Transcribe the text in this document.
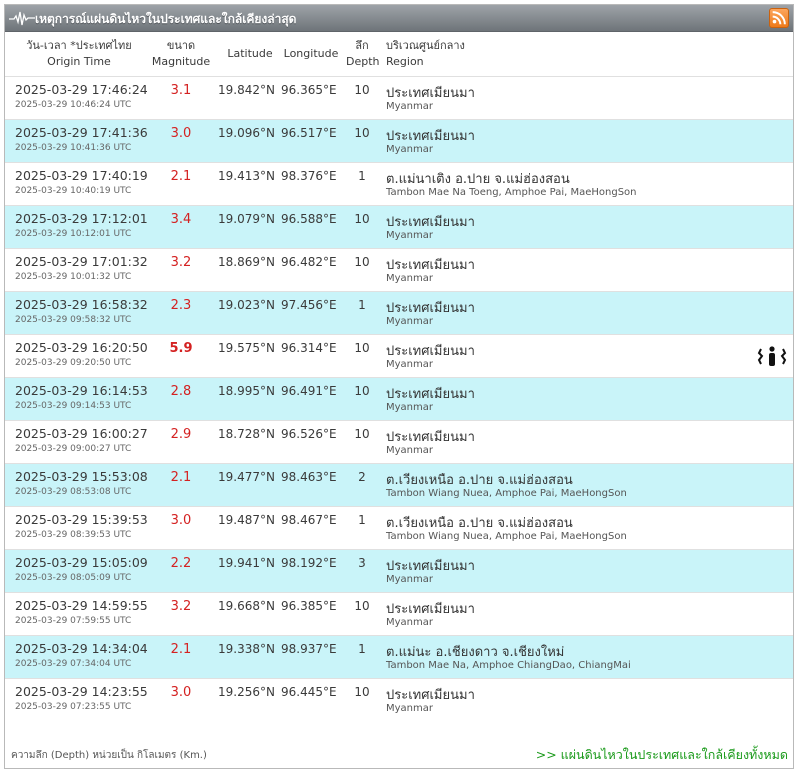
เหตุการณ์แผ่นดินไหวในประเทศและใกล้เคียงล่าสุด
วัน-เวลา *ประเทศไทย
Origin Time
ขนาด
Magnitude
Latitude	Longitude
ลึก
Depth
บริเวณศูนย์กลาง
Region
2025-03-29 17:46:24
2025-03-29 10:46:24 UTC
3.1	19.842°N 96.365°E	10	ประเทศเมียนมา
Myanmar
2025-03-29 17:41:36
2025-03-29 10:41:36 UTC
3.0	19.096°N 96.517°E	10	ประเทศเมียนมา
Myanmar
2025-03-29 17:40:19
2025-03-29 10:40:19 UTC
2.1	19.413°N 98.376°E	1	ต.แม่นาเติง อ.ปาย จ.แม่ฮ่องสอน
Tambon Mae Na Toeng, Amphoe Pai, MaeHongSon
2025-03-29 17:12:01
2025-03-29 10:12:01 UTC
3.4	19.079°N 96.588°E	10	ประเทศเมียนมา
Myanmar
2025-03-29 17:01:32
2025-03-29 10:01:32 UTC
3.2	18.869°N 96.482°E	10	ประเทศเมียนมา
Myanmar
2025-03-29 16:58:32
2025-03-29 09:58:32 UTC
2.3	19.023°N 97.456°E	1	ประเทศเมียนมา
Myanmar
2025-03-29 16:20:50
2025-03-29 09:20:50 UTC
5.9	19.575°N 96.314°E	10	ประเทศเมียนมา
Myanmar
2025-03-29 16:14:53
2025-03-29 09:14:53 UTC
2.8	18.995°N 96.491°E	10	ประเทศเมียนมา
Myanmar
2025-03-29 16:00:27
2025-03-29 09:00:27 UTC
2.9	18.728°N 96.526°E	10	ประเทศเมียนมา
Myanmar
2025-03-29 15:53:08
2025-03-29 08:53:08 UTC
2.1	19.477°N 98.463°E	2	ต.เวียงเหนือ อ.ปาย จ.แม่ฮ่องสอน
Tambon Wiang Nuea, Amphoe Pai, MaeHongSon
2025-03-29 15:39:53
2025-03-29 08:39:53 UTC
3.0	19.487°N 98.467°E	1	ต.เวียงเหนือ อ.ปาย จ.แม่ฮ่องสอน
Tambon Wiang Nuea, Amphoe Pai, MaeHongSon
2025-03-29 15:05:09
2025-03-29 08:05:09 UTC
2.2	19.941°N 98.192°E	3	ประเทศเมียนมา
Myanmar
2025-03-29 14:59:55
2025-03-29 07:59:55 UTC
3.2	19.668°N 96.385°E	10	ประเทศเมียนมา
Myanmar
2025-03-29 14:34:04
2025-03-29 07:34:04 UTC
2.1	19.338°N 98.937°E	1	ต.แม่นะ อ.เชียงดาว จ.เชียงใหม่
Tambon Mae Na, Amphoe ChiangDao, ChiangMai
2025-03-29 14:23:55
2025-03-29 07:23:55 UTC
3.0	19.256°N 96.445°E	10	ประเทศเมียนมา
Myanmar
ความลึก (Depth) หน่วยเป็น กิโลเมตร (Km.)	>> แผ่นดินไหวในประเทศและใกล้เคียงทั้งหมด
